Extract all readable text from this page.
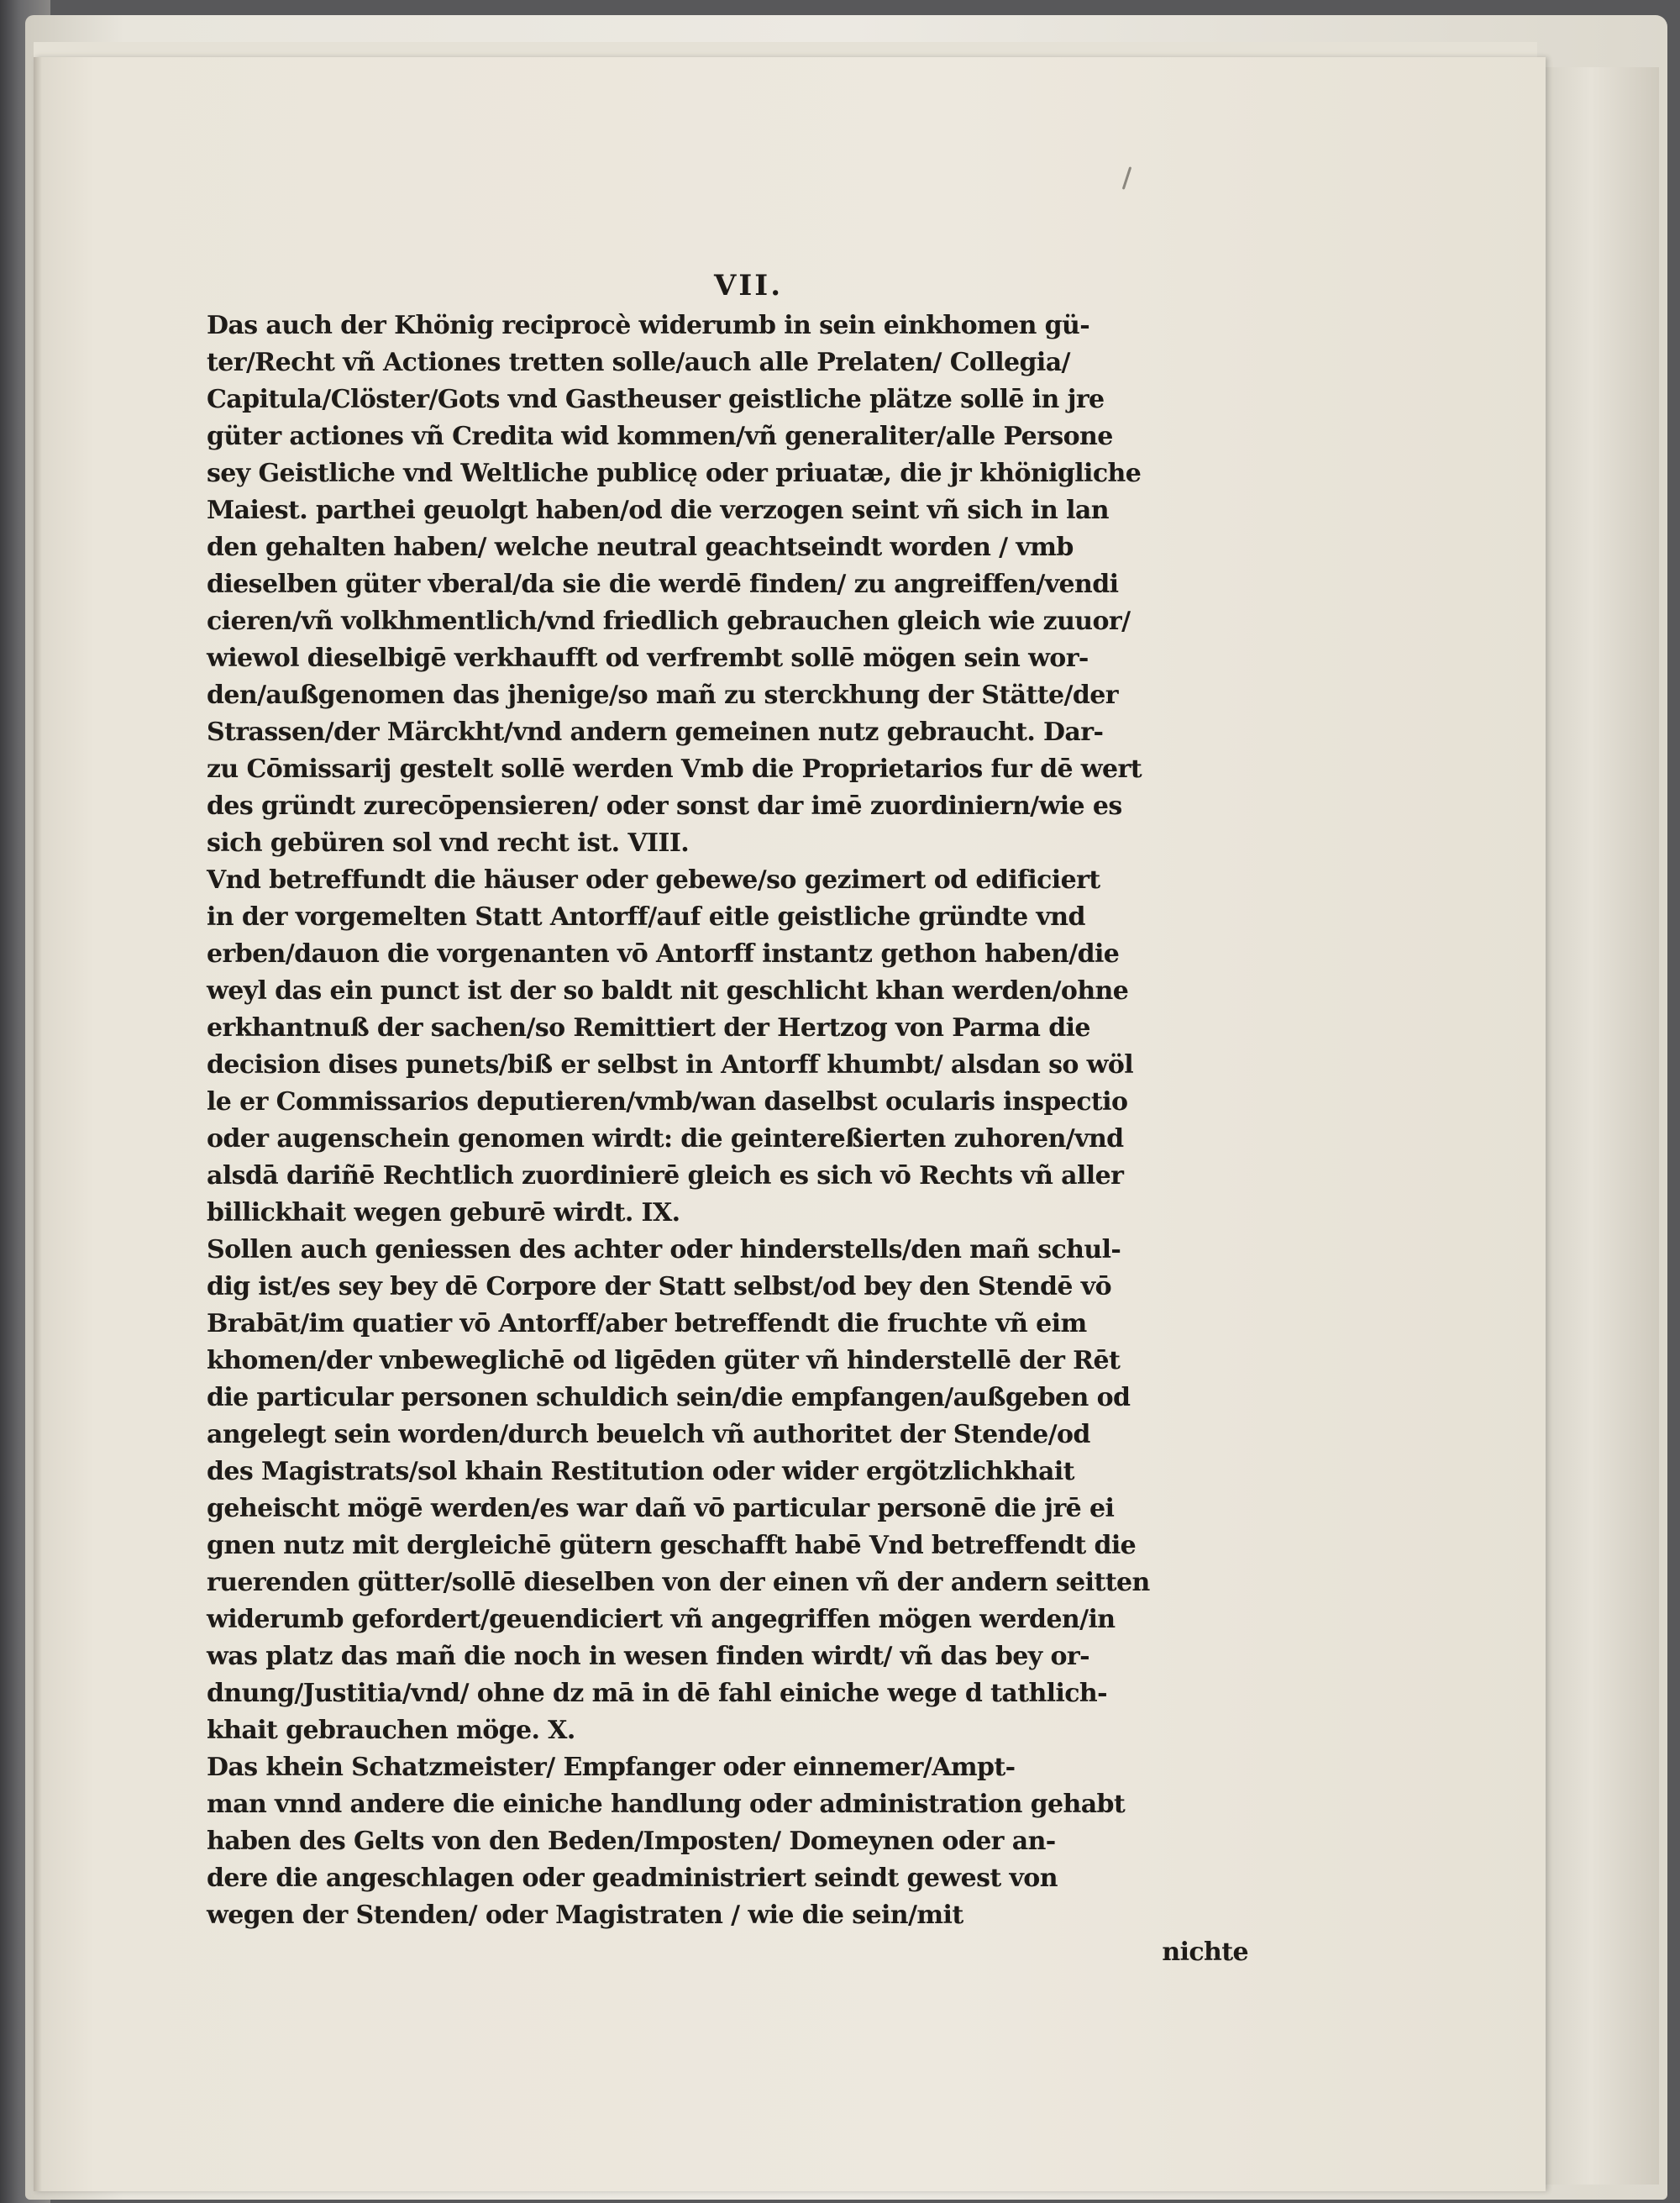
VII.
Das auch der Khönig reciprocè widerumb in sein einkhomen gü-
ter/Recht vñ Actiones tretten solle/auch alle Prelaten/ Collegia/
Capitula/Clöster/Gots vnd Gastheuser geistliche plätze sollē in jre
güter actiones vñ Credita wid kommen/vñ generaliter/alle Persone
sey Geistliche vnd Weltliche publicę oder priuatæ, die jr khönigliche
Maiest. parthei geuolgt haben/od die verzogen seint vñ sich in lan
den gehalten haben/ welche neutral geachtseindt worden / vmb
dieselben güter vberal/da sie die werdē finden/ zu angreiffen/vendi
cieren/vñ volkhmentlich/vnd friedlich gebrauchen gleich wie zuuor/
wiewol dieselbigē verkhaufft od verfrembt sollē mögen sein wor-
den/außgenomen das jhenige/so mañ zu sterckhung der Stätte/der
Strassen/der Märckht/vnd andern gemeinen nutz gebraucht. Dar-
zu Cōmissarij gestelt sollē werden Vmb die Proprietarios fur dē wert
des gründt zurecōpensieren/ oder sonst dar imē zuordiniern/wie es
sich gebüren sol vnd recht ist. VIII.
Vnd betreffundt die häuser oder gebewe/so gezimert od edificiert
in der vorgemelten Statt Antorff/auf eitle geistliche gründte vnd
erben/dauon die vorgenanten vō Antorff instantz gethon haben/die
weyl das ein punct ist der so baldt nit geschlicht khan werden/ohne
erkhantnuß der sachen/so Remittiert der Hertzog von Parma die
decision dises punets/biß er selbst in Antorff khumbt/ alsdan so wöl
le er Commissarios deputieren/vmb/wan daselbst ocularis inspectio
oder augenschein genomen wirdt: die geintereßierten zuhoren/vnd
alsdā dariñē Rechtlich zuordinierē gleich es sich vō Rechts vñ aller
billickhait wegen geburē wirdt. IX.
Sollen auch geniessen des achter oder hinderstells/den mañ schul-
dig ist/es sey bey dē Corpore der Statt selbst/od bey den Stendē vō
Brabāt/im quatier vō Antorff/aber betreffendt die fruchte vñ eim
khomen/der vnbeweglichē od ligēden güter vñ hinderstellē der Rēt
die particular personen schuldich sein/die empfangen/außgeben od
angelegt sein worden/durch beuelch vñ authoritet der Stende/od
des Magistrats/sol khain Restitution oder wider ergötzlichkhait
geheischt mögē werden/es war dañ vō particular personē die jrē ei
gnen nutz mit dergleichē gütern geschafft habē Vnd betreffendt die
ruerenden gütter/sollē dieselben von der einen vñ der andern seitten
widerumb gefordert/geuendiciert vñ angegriffen mögen werden/in
was platz das mañ die noch in wesen finden wirdt/ vñ das bey or-
dnung/Justitia/vnd/ ohne dz mā in dē fahl einiche wege d tathlich-
khait gebrauchen möge. X.
Das khein Schatzmeister/ Empfanger oder einnemer/Ampt-
man vnnd andere die einiche handlung oder administration gehabt
haben des Gelts von den Beden/Imposten/ Domeynen oder an-
dere die angeschlagen oder geadministriert seindt gewest von
wegen der Stenden/ oder Magistraten / wie die sein/mit
nichte
